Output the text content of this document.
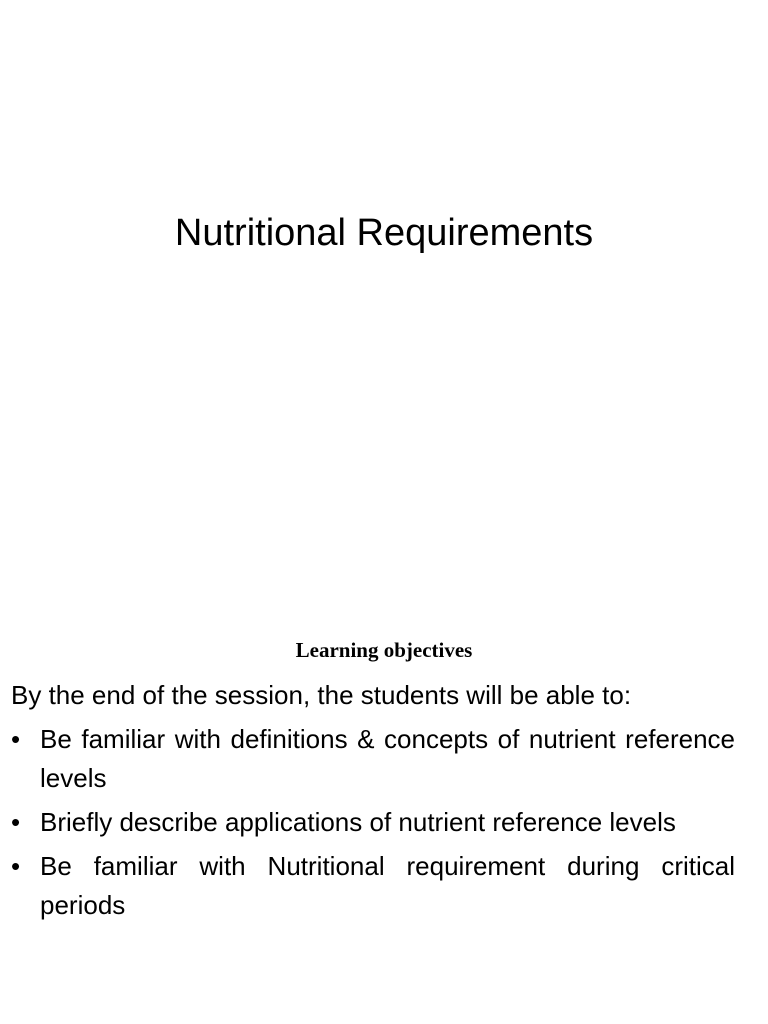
Nutritional Requirements
Learning objectives

By the end of the session, the students will be able to:

• Be familiar with definitions & concepts of nutrient reference levels
• Briefly describe applications of nutrient reference levels
• Be familiar with Nutritional requirement during critical periods
